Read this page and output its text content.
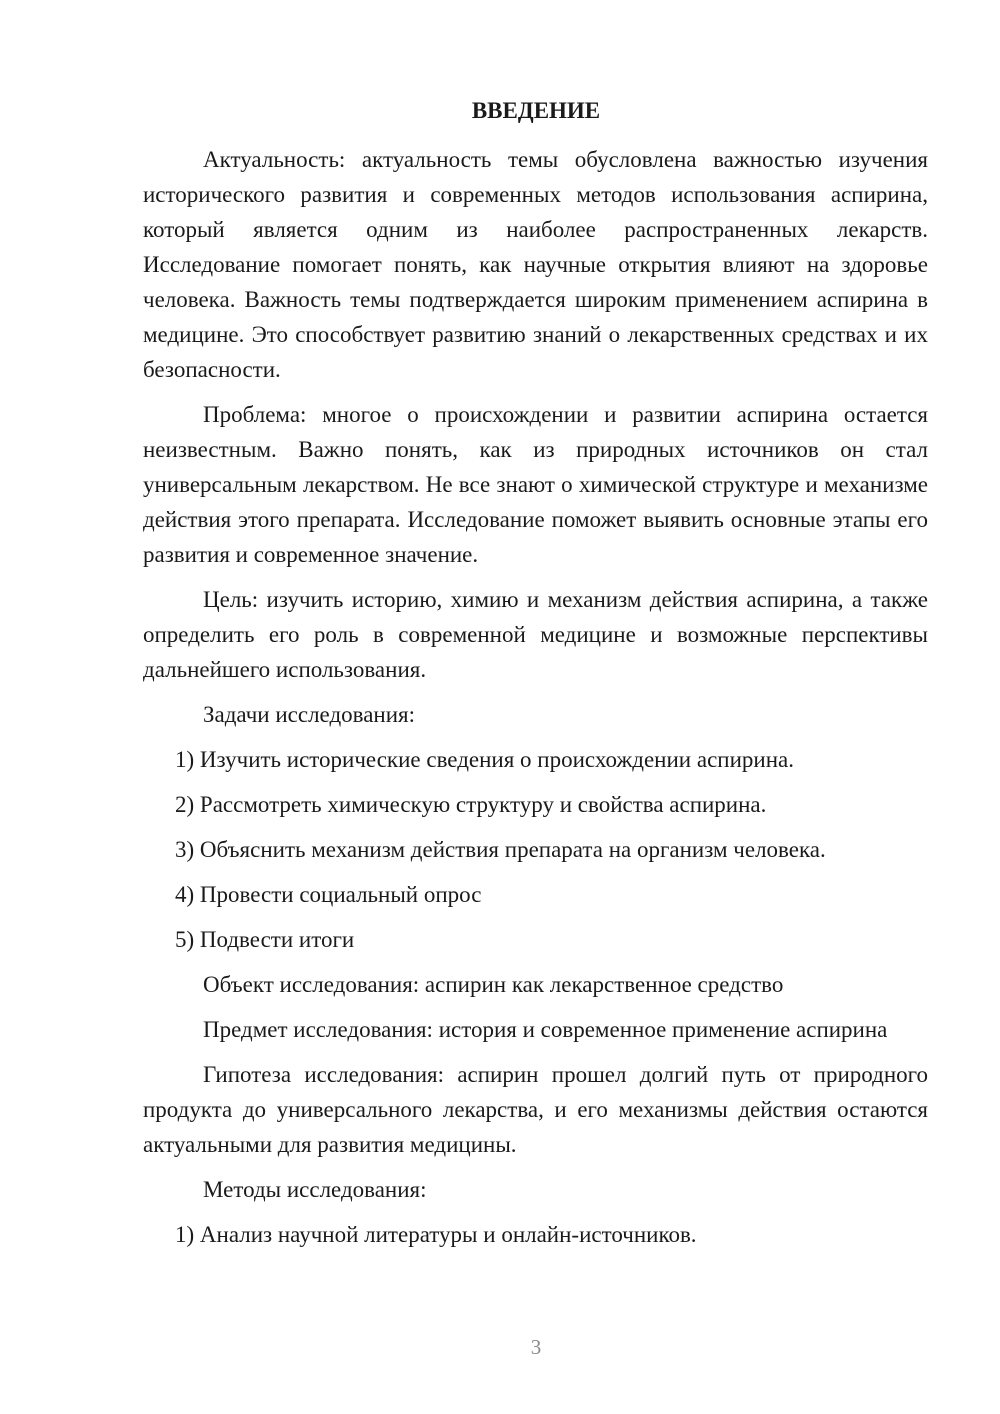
ВВЕДЕНИЕ

Актуальность: актуальность темы обусловлена важностью изучения исторического развития и современных методов использования аспирина, который является одним из наиболее распространенных лекарств. Исследование помогает понять, как научные открытия влияют на здоровье человека. Важность темы подтверждается широким применением аспирина в медицине. Это способствует развитию знаний о лекарственных средствах и их безопасности.

Проблема: многое о происхождении и развитии аспирина остается неизвестным. Важно понять, как из природных источников он стал универсальным лекарством. Не все знают о химической структуре и механизме действия этого препарата. Исследование поможет выявить основные этапы его развития и современное значение.

Цель: изучить историю, химию и механизм действия аспирина, а также определить его роль в современной медицине и возможные перспективы дальнейшего использования.

Задачи исследования:

1) Изучить исторические сведения о происхождении аспирина.
2) Рассмотреть химическую структуру и свойства аспирина.
3) Объяснить механизм действия препарата на организм человека.
4) Провести социальный опрос
5) Подвести итоги

Объект исследования: аспирин как лекарственное средство

Предмет исследования: история и современное применение аспирина

Гипотеза исследования: аспирин прошел долгий путь от природного продукта до универсального лекарства, и его механизмы действия остаются актуальными для развития медицины.

Методы исследования:

1) Анализ научной литературы и онлайн-источников.
3
